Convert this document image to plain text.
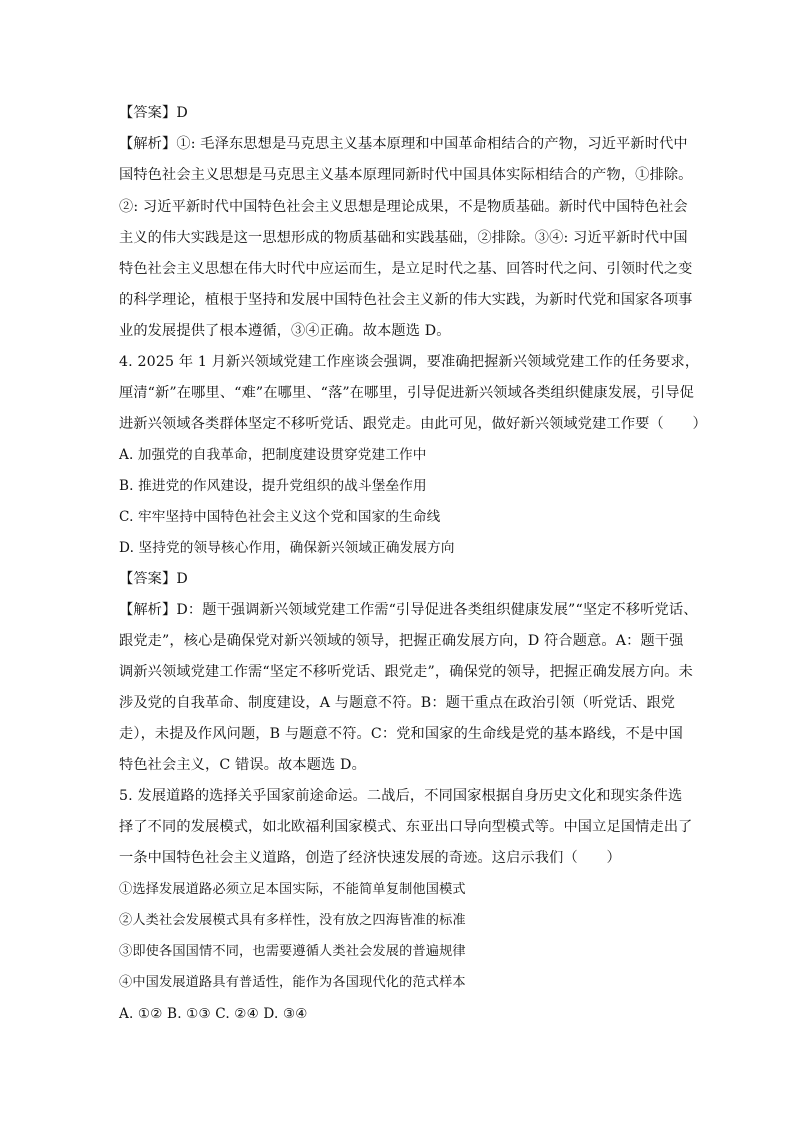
【答案】D
【解析】①: 毛泽东思想是马克思主义基本原理和中国革命相结合的产物，习近平新时代中
国特色社会主义思想是马克思主义基本原理同新时代中国具体实际相结合的产物，①排除。
②: 习近平新时代中国特色社会主义思想是理论成果，不是物质基础。新时代中国特色社会
主义的伟大实践是这一思想形成的物质基础和实践基础，②排除。③④: 习近平新时代中国
特色社会主义思想在伟大时代中应运而生，是立足时代之基、回答时代之问、引领时代之变
的科学理论，植根于坚持和发展中国特色社会主义新的伟大实践，为新时代党和国家各项事
业的发展提供了根本遵循，③④正确。故本题选 D。
4. 2025 年 1 月新兴领域党建工作座谈会强调，要准确把握新兴领域党建工作的任务要求，
厘清“新”在哪里、“难”在哪里、“落”在哪里，引导促进新兴领域各类组织健康发展，引导促
进新兴领域各类群体坚定不移听党话、跟党走。由此可见，做好新兴领域党建工作要（　　）
A. 加强党的自我革命，把制度建设贯穿党建工作中
B. 推进党的作风建设，提升党组织的战斗堡垒作用
C. 牢牢坚持中国特色社会主义这个党和国家的生命线
D. 坚持党的领导核心作用，确保新兴领域正确发展方向
【答案】D
【解析】D：题干强调新兴领域党建工作需“引导促进各类组织健康发展”“坚定不移听党话、
跟党走”，核心是确保党对新兴领域的领导，把握正确发展方向，D 符合题意。A：题干强
调新兴领域党建工作需“坚定不移听党话、跟党走”，确保党的领导，把握正确发展方向。未
涉及党的自我革命、制度建设，A 与题意不符。B：题干重点在政治引领（听党话、跟党
走），未提及作风问题，B 与题意不符。C：党和国家的生命线是党的基本路线，不是中国
特色社会主义，C 错误。故本题选 D。
5. 发展道路的选择关乎国家前途命运。二战后，不同国家根据自身历史文化和现实条件选
择了不同的发展模式，如北欧福利国家模式、东亚出口导向型模式等。中国立足国情走出了
一条中国特色社会主义道路，创造了经济快速发展的奇迹。这启示我们（　　）
①选择发展道路必须立足本国实际，不能简单复制他国模式
②人类社会发展模式具有多样性，没有放之四海皆准的标准
③即使各国国情不同，也需要遵循人类社会发展的普遍规律
④中国发展道路具有普适性，能作为各国现代化的范式样本
A. ①② B. ①③ C. ②④ D. ③④
